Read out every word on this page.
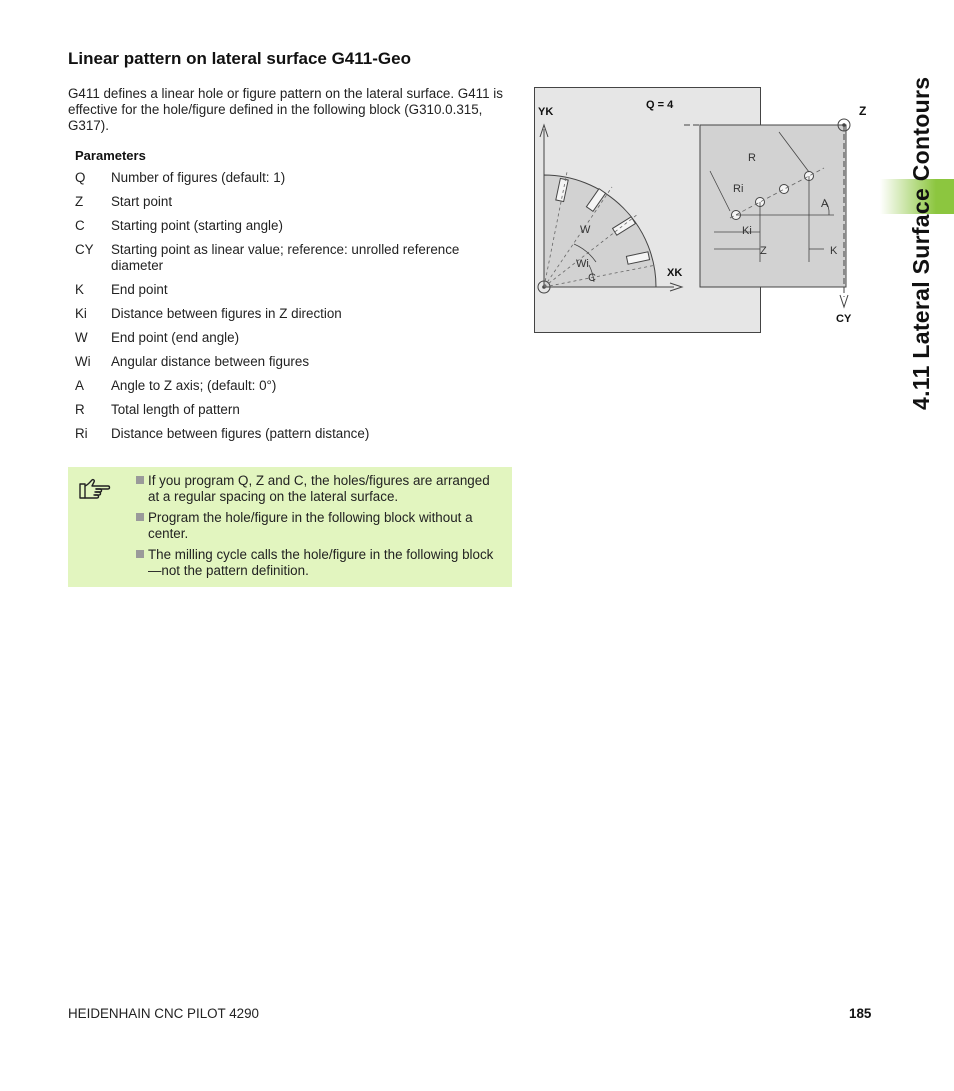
Linear pattern on lateral surface G411-Geo

G411 defines a linear hole or figure pattern on the lateral surface. G411 is effective for the hole/figure defined in the following block (G310.0.315, G317).

Parameters
Q	Number of figures (default: 1)
Z	Start point
C	Starting point (starting angle)
CY	Starting point as linear value; reference: unrolled reference diameter
K	End point
Ki	Distance between figures in Z direction
W	End point (end angle)
Wi	Angular distance between figures
A	Angle to Z axis; (default: 0°)
R	Total length of pattern
Ri	Distance between figures (pattern distance)
If you program Q, Z and C, the holes/figures are arranged at a regular spacing on the lateral surface.
Program the hole/figure in the following block without a center.
The milling cycle calls the hole/figure in the following block—not the pattern definition.
W
Wi
C
YK
XK
Q = 4
R
Ri
A
Ki
Z	K
Z
CY 4.11 Lateral Surface Contours
HEIDENHAIN CNC PILOT 4290	185
